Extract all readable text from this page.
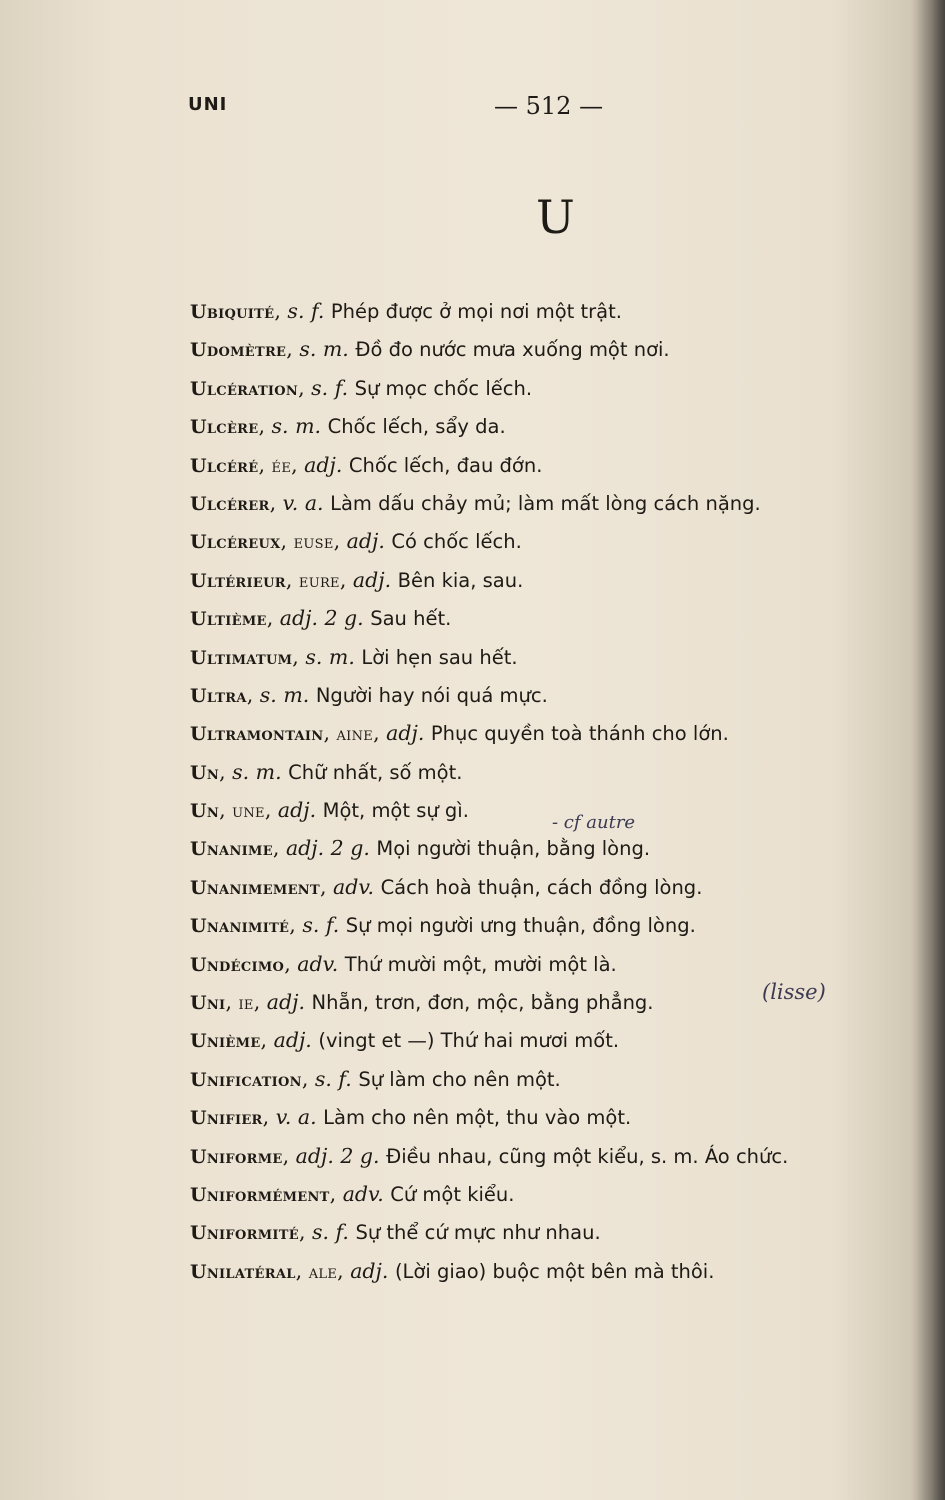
UNI	— 512 —
U
Ubiquité, s. f. Phép được ở mọi nơi một trật.
Udomètre, s. m. Đồ đo nước mưa xuống một nơi.
Ulcération, s. f. Sự mọc chốc lếch.
Ulcère, s. m. Chốc lếch, sẩy da.
Ulcéré, ée, adj. Chốc lếch, đau đớn.
Ulcérer, v. a. Làm dấu chảy mủ; làm mất lòng cách nặng.
Ulcéreux, euse, adj. Có chốc lếch.
Ultérieur, eure, adj. Bên kia, sau.
Ultième, adj. 2 g. Sau hết.
Ultimatum, s. m. Lời hẹn sau hết.
Ultra, s. m. Người hay nói quá mực.
Ultramontain, aine, adj. Phục quyền toà thánh cho lớn.
Un, s. m. Chữ nhất, số một.
Un, une, adj. Một, một sự gì.
Unanime, adj. 2 g. Mọi người thuận, bằng lòng.
Unanimement, adv. Cách hoà thuận, cách đồng lòng.
Unanimité, s. f. Sự mọi người ưng thuận, đồng lòng.
Undécimo, adv. Thứ mười một, mười một là.
Uni, ie, adj. Nhẵn, trơn, đơn, mộc, bằng phẳng.
Unième, adj. (vingt et —) Thứ hai mươi mốt.
Unification, s. f. Sự làm cho nên một.
Unifier, v. a. Làm cho nên một, thu vào một.
Uniforme, adj. 2 g. Điều nhau, cũng một kiểu, s. m. Áo chức.
Uniformément, adv. Cứ một kiểu.
Uniformité, s. f. Sự thể cứ mực như nhau.
Unilatéral, ale, adj. (Lời giao) buộc một bên mà thôi.
- cf autre
(lisse)
